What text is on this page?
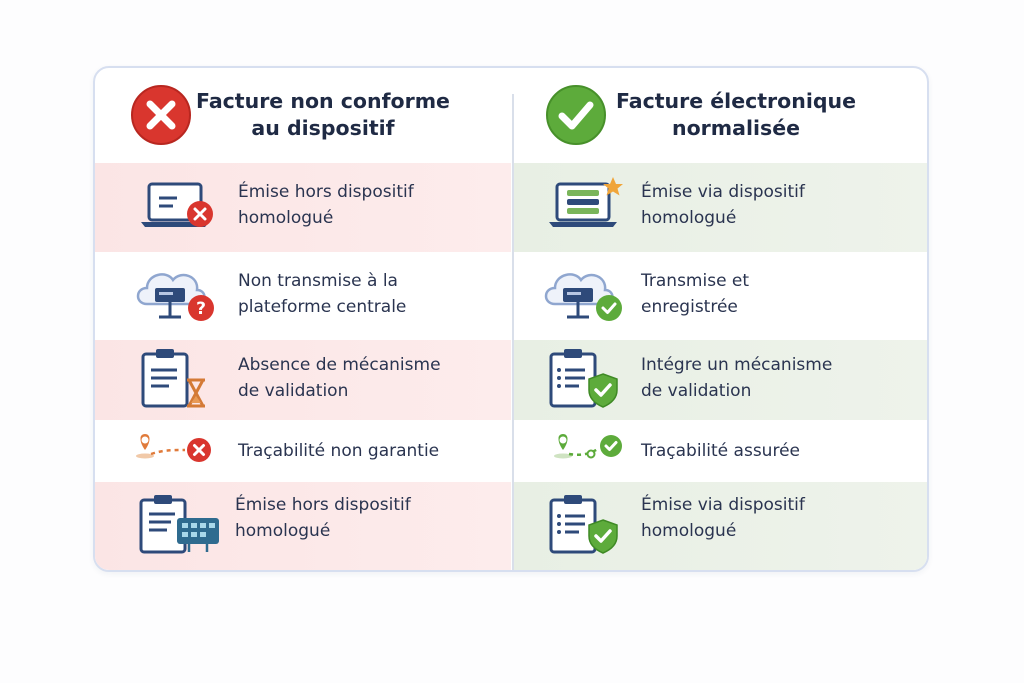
Facture non conforme
au dispositif
Facture électronique
normalisée
Émise hors dispositif
homologué
Émise via dispositif
homologué
?
Non transmise à la
plateforme centrale
Transmise et
enregistrée
Absence de mécanisme
de validation
Intégre un mécanisme
de validation
Traçabilité non garantie	Traçabilité assurée
Émise hors dispositif
homologué
Émise via dispositif
homologué
